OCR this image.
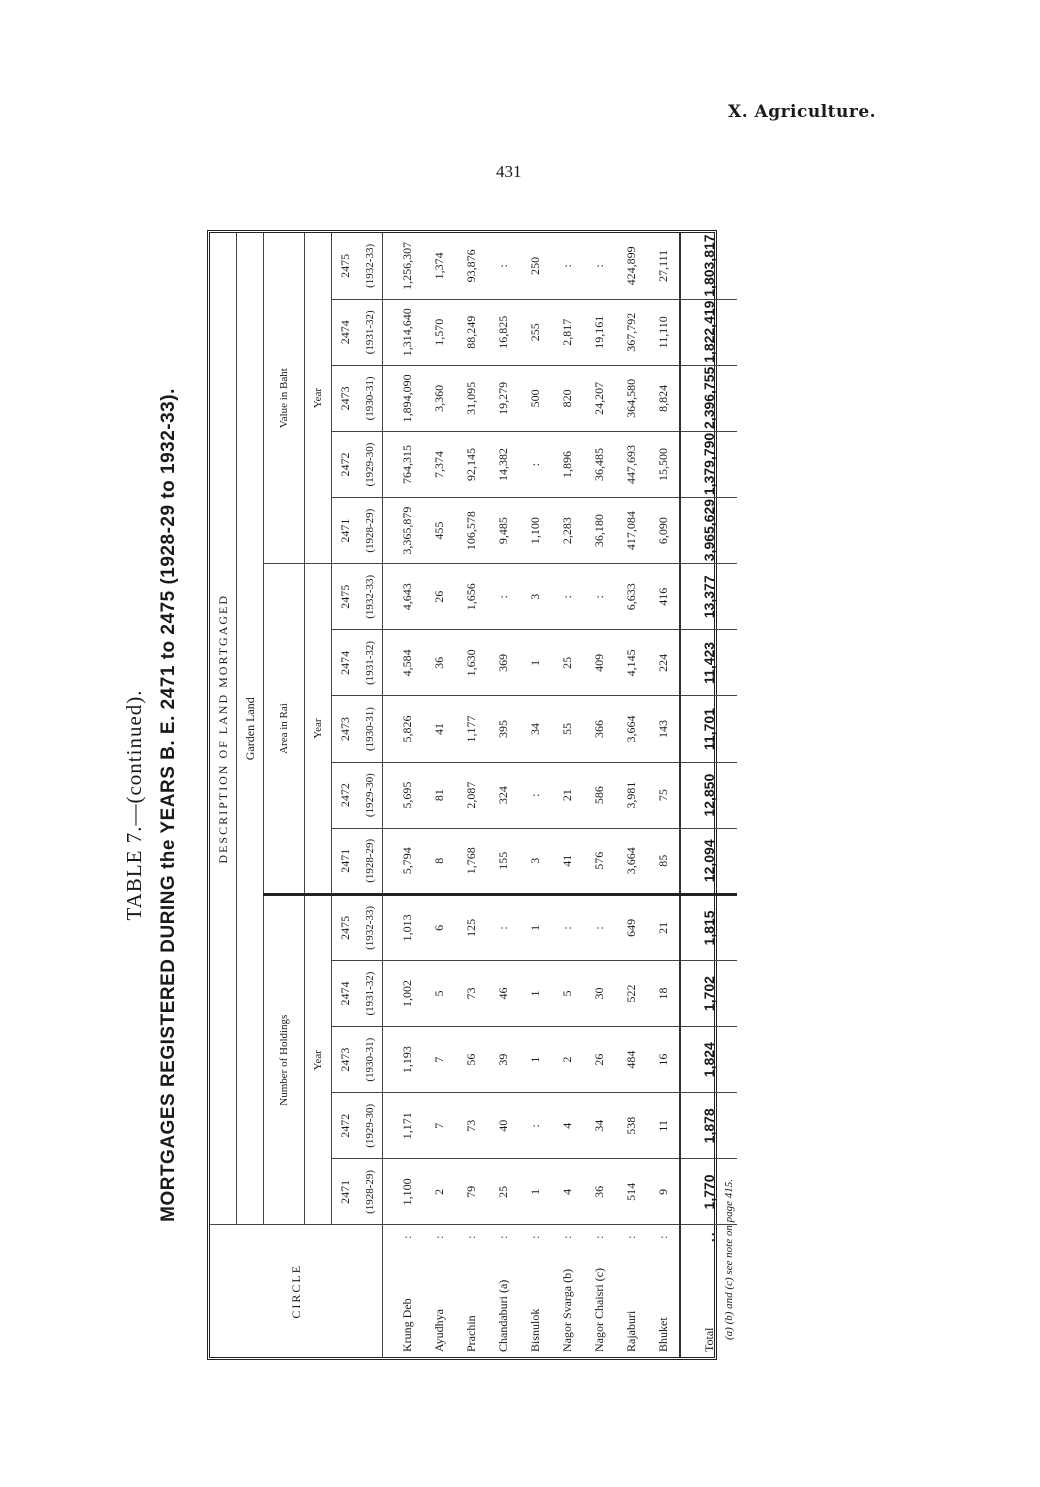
X. Agriculture.
431
TABLE 7.—(continued). MORTGAGES REGISTERED DURING the YEARS B. E. 2471 to 2475 (1928-29 to 1932-33).
CIRCLE		DESCRIPTION OF LAND MORTGAGED														
		Garden Land														
		Number of Holdings					Area in Rai					Value in Baht				
		Year					Year					Year				
		2471	2472	2473	2474	2475	2471	2472	2473	2474	2475	2471	2472	2473	2474	2475
		(1928-29)	(1929-30)	(1930-31)	(1931-32)	(1932-33)	(1928-29)	(1929-30)	(1930-31)	(1931-32)	(1932-33)	(1928-29)	(1929-30)	(1930-31)	(1931-32)	(1932-33)
Krung Deb	:	1,100	1,171	1,193	1,002	1,013	5,794	5,695	5,826	4,584	4,643	3,365,879	764,315	1,894,090	1,314,640	1,256,307
Ayudhya	:	2	7	7	5	6	8	81	41	36	26	455	7,374	3,360	1,570	1,374
Prachin	:	79	73	56	73	125	1,768	2,087	1,177	1,630	1,656	106,578	92,145	31,095	88,249	93,876
Chandaburi (a)	:	25	40	39	46	:	155	324	395	369	:	9,485	14,382	19,279	16,825	:
Bisnulok	:	1	:	1	1	1	3	:	34	1	3	1,100	:	500	255	250
Nagor Svarga (b)	:	4	4	2	5	:	41	21	55	25	:	2,283	1,896	820	2,817	:
Nagor Chaisri (c)	:	36	34	26	30	:	576	586	366	409	:	36,180	36,485	24,207	19,161	:
Rajaburi	:	514	538	484	522	649	3,664	3,981	3,664	4,145	6,633	417,084	447,693	364,580	367,792	424,899
Bhuket	:	9	11	16	18	21	85	75	143	224	416	6,090	15,500	8,824	11,110	27,111
Total	..	1,770	1,878	1,824	1,702	1,815	12,094	12,850	11,701	11,423	13,377	3,965,629	1,379,790	2,396,755	1,822,419	1,803,817
(a) (b) and (c) see note on page 415.
